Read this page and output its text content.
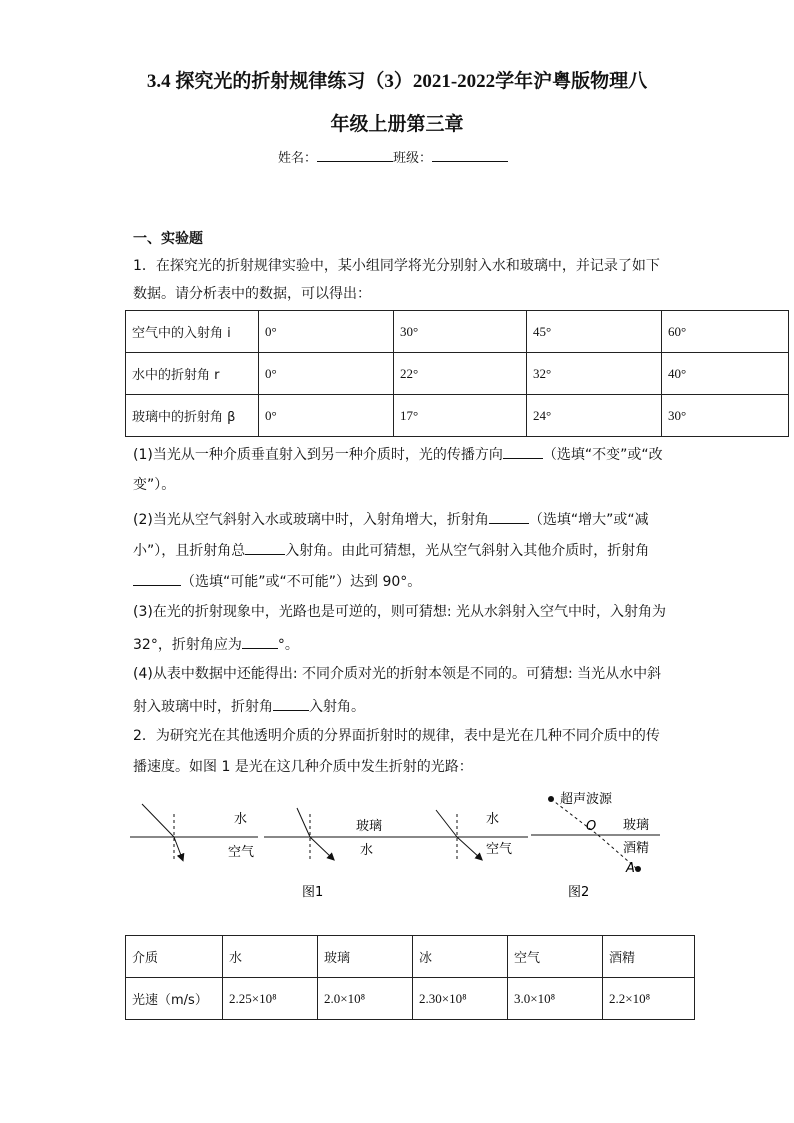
3.4 探究光的折射规律练习（3）2021-2022学年沪粤版物理八
年级上册第三章
姓名：	班级：
一、实验题
1．在探究光的折射规律实验中，某小组同学将光分别射入水和玻璃中，并记录了如下
数据。请分析表中的数据，可以得出：
空气中的入射角 i	0°	30°	45°	60°
水中的折射角 r	0°	22°	32°	40°
玻璃中的折射角 β	0°	17°	24°	30°
(1)当光从一种介质垂直射入到另一种介质时，光的传播方向	（选填“不变”或“改
变”）。
(2)当光从空气斜射入水或玻璃中时，入射角增大，折射角	（选填“增大”或“减
小”），且折射角总	入射角。由此可猜想，光从空气斜射入其他介质时，折射角
（选填“可能”或“不可能”）达到 90°。
(3)在光的折射现象中，光路也是可逆的，则可猜想: 光从水斜射入空气中时，入射角为
32°，折射角应为	°。
(4)从表中数据中还能得出: 不同介质对光的折射本领是不同的。可猜想: 当光从水中斜
射入玻璃中时，折射角	入射角。
2．为研究光在其他透明介质的分界面折射时的规律，表中是光在几种不同介质中的传
播速度。如图 1 是光在这几种介质中发生折射的光路：
水
空气
玻璃
水
水
空气
图1
超声波源
O 玻璃
酒精
A
图2
介质	水	玻璃	冰	空气	酒精
光速（m/s）	2.25×10⁸	2.0×10⁸	2.30×10⁸	3.0×10⁸	2.2×10⁸
